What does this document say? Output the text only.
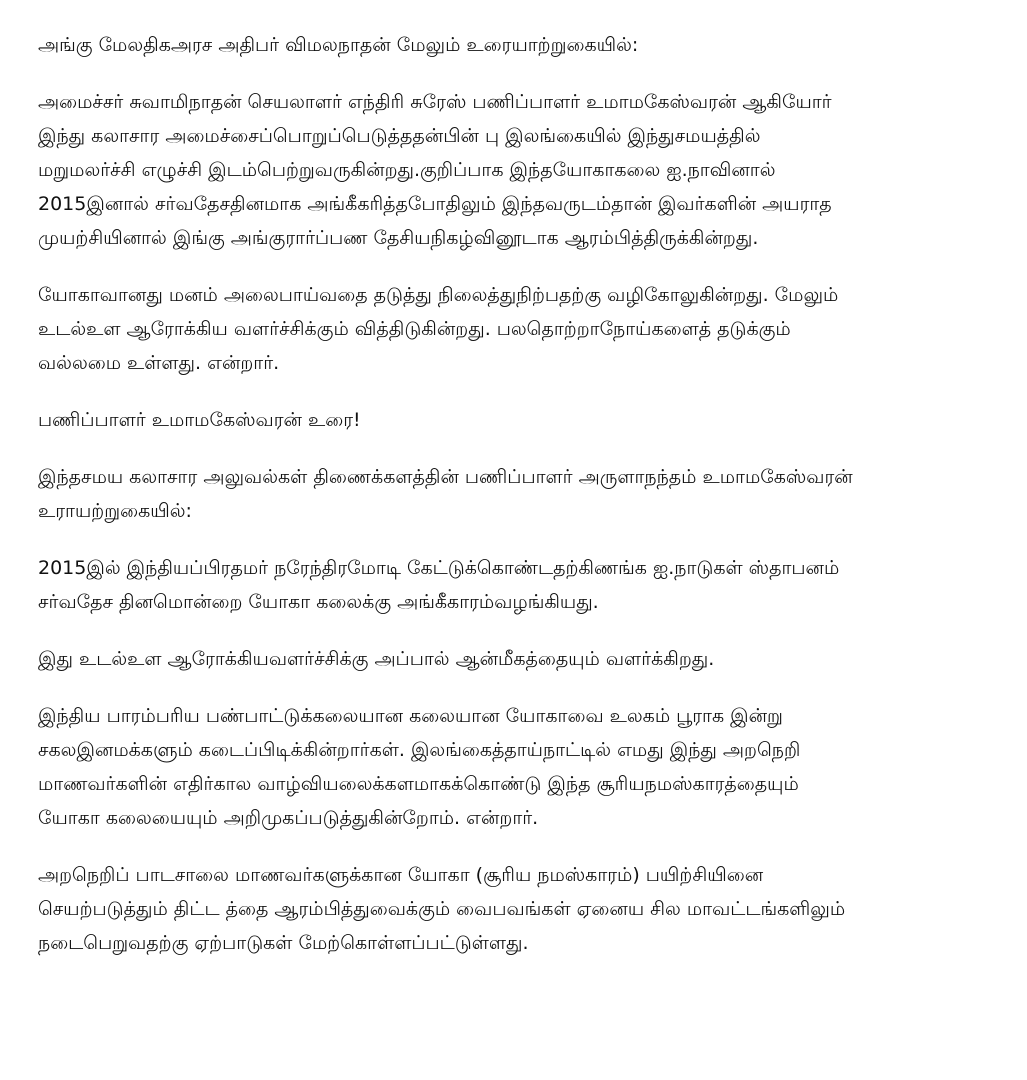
அங்கு மேலதிகஅரச அதிபர் விமலநாதன் மேலும் உரையாற்றுகையில்:

அமைச்சர் சுவாமிநாதன் செயலாளர் எந்திரி சுரேஸ் பணிப்பாளர் உமாமகேஸ்வரன் ஆகியோர்
இந்து கலாசார அமைச்சைப்பொறுப்பெடுத்ததன்பின் பு இலங்கையில் இந்துசமயத்தில்
மறுமலர்ச்சி எழுச்சி இடம்பெற்றுவருகின்றது.குறிப்பாக இந்தயோகாகலை ஐ.நாவினால்
2015இனால் சர்வதேசதினமாக அங்கீகரித்தபோதிலும் இந்தவருடம்தான் இவர்களின் அயராத
முயற்சியினால் இங்கு அங்குரார்ப்பண தேசியநிகழ்வினூடாக ஆரம்பித்திருக்கின்றது.

யோகாவானது மனம் அலைபாய்வதை தடுத்து நிலைத்துநிற்பதற்கு வழிகோலுகின்றது. மேலும்
உடல்உள ஆரோக்கிய வளர்ச்சிக்கும் வித்திடுகின்றது. பலதொற்றாநோய்களைத் தடுக்கும்
வல்லமை உள்ளது. என்றார்.

பணிப்பாளர் உமாமகேஸ்வரன் உரை!

இந்தசமய கலாசார அலுவல்கள் திணைக்களத்தின் பணிப்பாளர் அருளாநந்தம் உமாமகேஸ்வரன்
உராயற்றுகையில்:

2015இல் இந்தியப்பிரதமர் நரேந்திரமோடி கேட்டுக்கொண்டதற்கிணங்க ஐ.நாடுகள் ஸ்தாபனம்
சர்வதேச தினமொன்றை யோகா கலைக்கு அங்கீகாரம்வழங்கியது.

இது உடல்உள ஆரோக்கியவளர்ச்சிக்கு அப்பால் ஆன்மீகத்தையும் வளர்க்கிறது.

இந்திய பாரம்பரிய பண்பாட்டுக்கலையான கலையான யோகாவை உலகம் பூராக இன்று
சகலஇனமக்களும் கடைப்பிடிக்கின்றார்கள். இலங்கைத்தாய்நாட்டில் எமது இந்து அறநெறி
மாணவர்களின் எதிர்கால வாழ்வியலைக்களமாகக்கொண்டு இந்த சூரியநமஸ்காரத்தையும்
யோகா கலையையும் அறிமுகப்படுத்துகின்றோம். என்றார்.

அறநெறிப் பாடசாலை மாணவர்களுக்கான யோகா (சூரிய நமஸ்காரம்) பயிற்சியினை
செயற்படுத்தும் திட்ட த்தை ஆரம்பித்துவைக்கும் வைபவங்கள் ஏனைய சில மாவட்டங்களிலும்
நடைபெறுவதற்கு ஏற்பாடுகள் மேற்கொள்ளப்பட்டுள்ளது.
